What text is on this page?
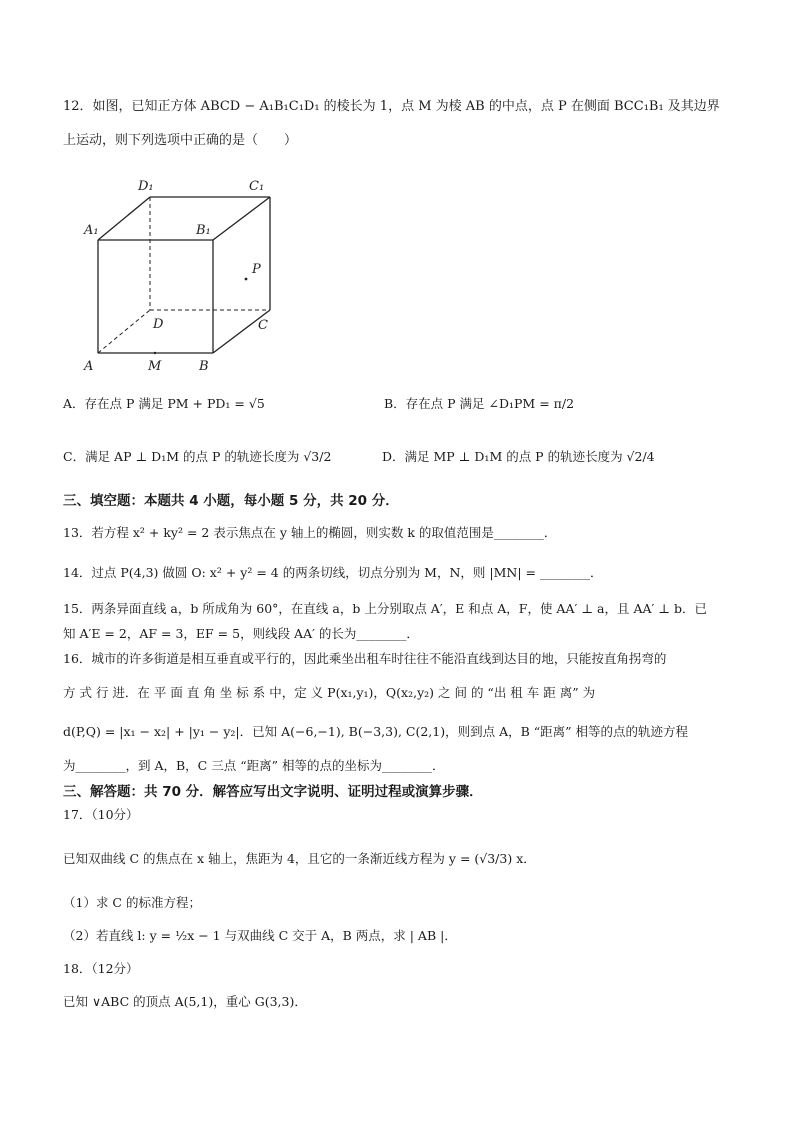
12．如图，已知正方体 ABCD − A₁B₁C₁D₁ 的棱长为 1，点 M 为棱 AB 的中点，点 P 在侧面 BCC₁B₁ 及其边界
上运动，则下列选项中正确的是（　　）
D₁	C₁
A₁	B₁
P
D	C
A	M	B
A．存在点 P 满足 PM + PD₁ = √5	B．存在点 P 满足 ∠D₁PM = π/2
C．满足 AP ⊥ D₁M 的点 P 的轨迹长度为 √3/2	D．满足 MP ⊥ D₁M 的点 P 的轨迹长度为 √2/4
三、填空题：本题共 4 小题，每小题 5 分，共 20 分．
13．若方程 x² + ky² = 2 表示焦点在 y 轴上的椭圆，则实数 k 的取值范围是________．
14．过点 P(4,3) 做圆 O: x² + y² = 4 的两条切线，切点分别为 M，N，则 |MN| = ________．
15．两条异面直线 a，b 所成角为 60°，在直线 a，b 上分别取点 A′，E 和点 A，F，使 AA′ ⊥ a，且 AA′ ⊥ b．已
知 A′E = 2，AF = 3，EF = 5，则线段 AA′ 的长为________．
16．城市的许多街道是相互垂直或平行的，因此乘坐出租车时往往不能沿直线到达目的地，只能按直角拐弯的
方 式 行 进．在 平 面 直 角 坐 标 系 中，定 义 P(x₁,y₁)，Q(x₂,y₂) 之 间 的 “出 租 车 距 离” 为
d(P,Q) = |x₁ − x₂| + |y₁ − y₂|．已知 A(−6,−1), B(−3,3), C(2,1)，则到点 A，B “距离” 相等的点的轨迹方程
为________，到 A，B，C 三点 “距离” 相等的点的坐标为________．
三、解答题：共 70 分．解答应写出文字说明、证明过程或演算步骤．
17．（10分）
已知双曲线 C 的焦点在 x 轴上，焦距为 4，且它的一条渐近线方程为 y = (√3/3) x．
（1）求 C 的标准方程；
（2）若直线 l: y = ½x − 1 与双曲线 C 交于 A，B 两点，求 | AB |．
18．（12分）
已知 ∨ABC 的顶点 A(5,1)，重心 G(3,3)．
